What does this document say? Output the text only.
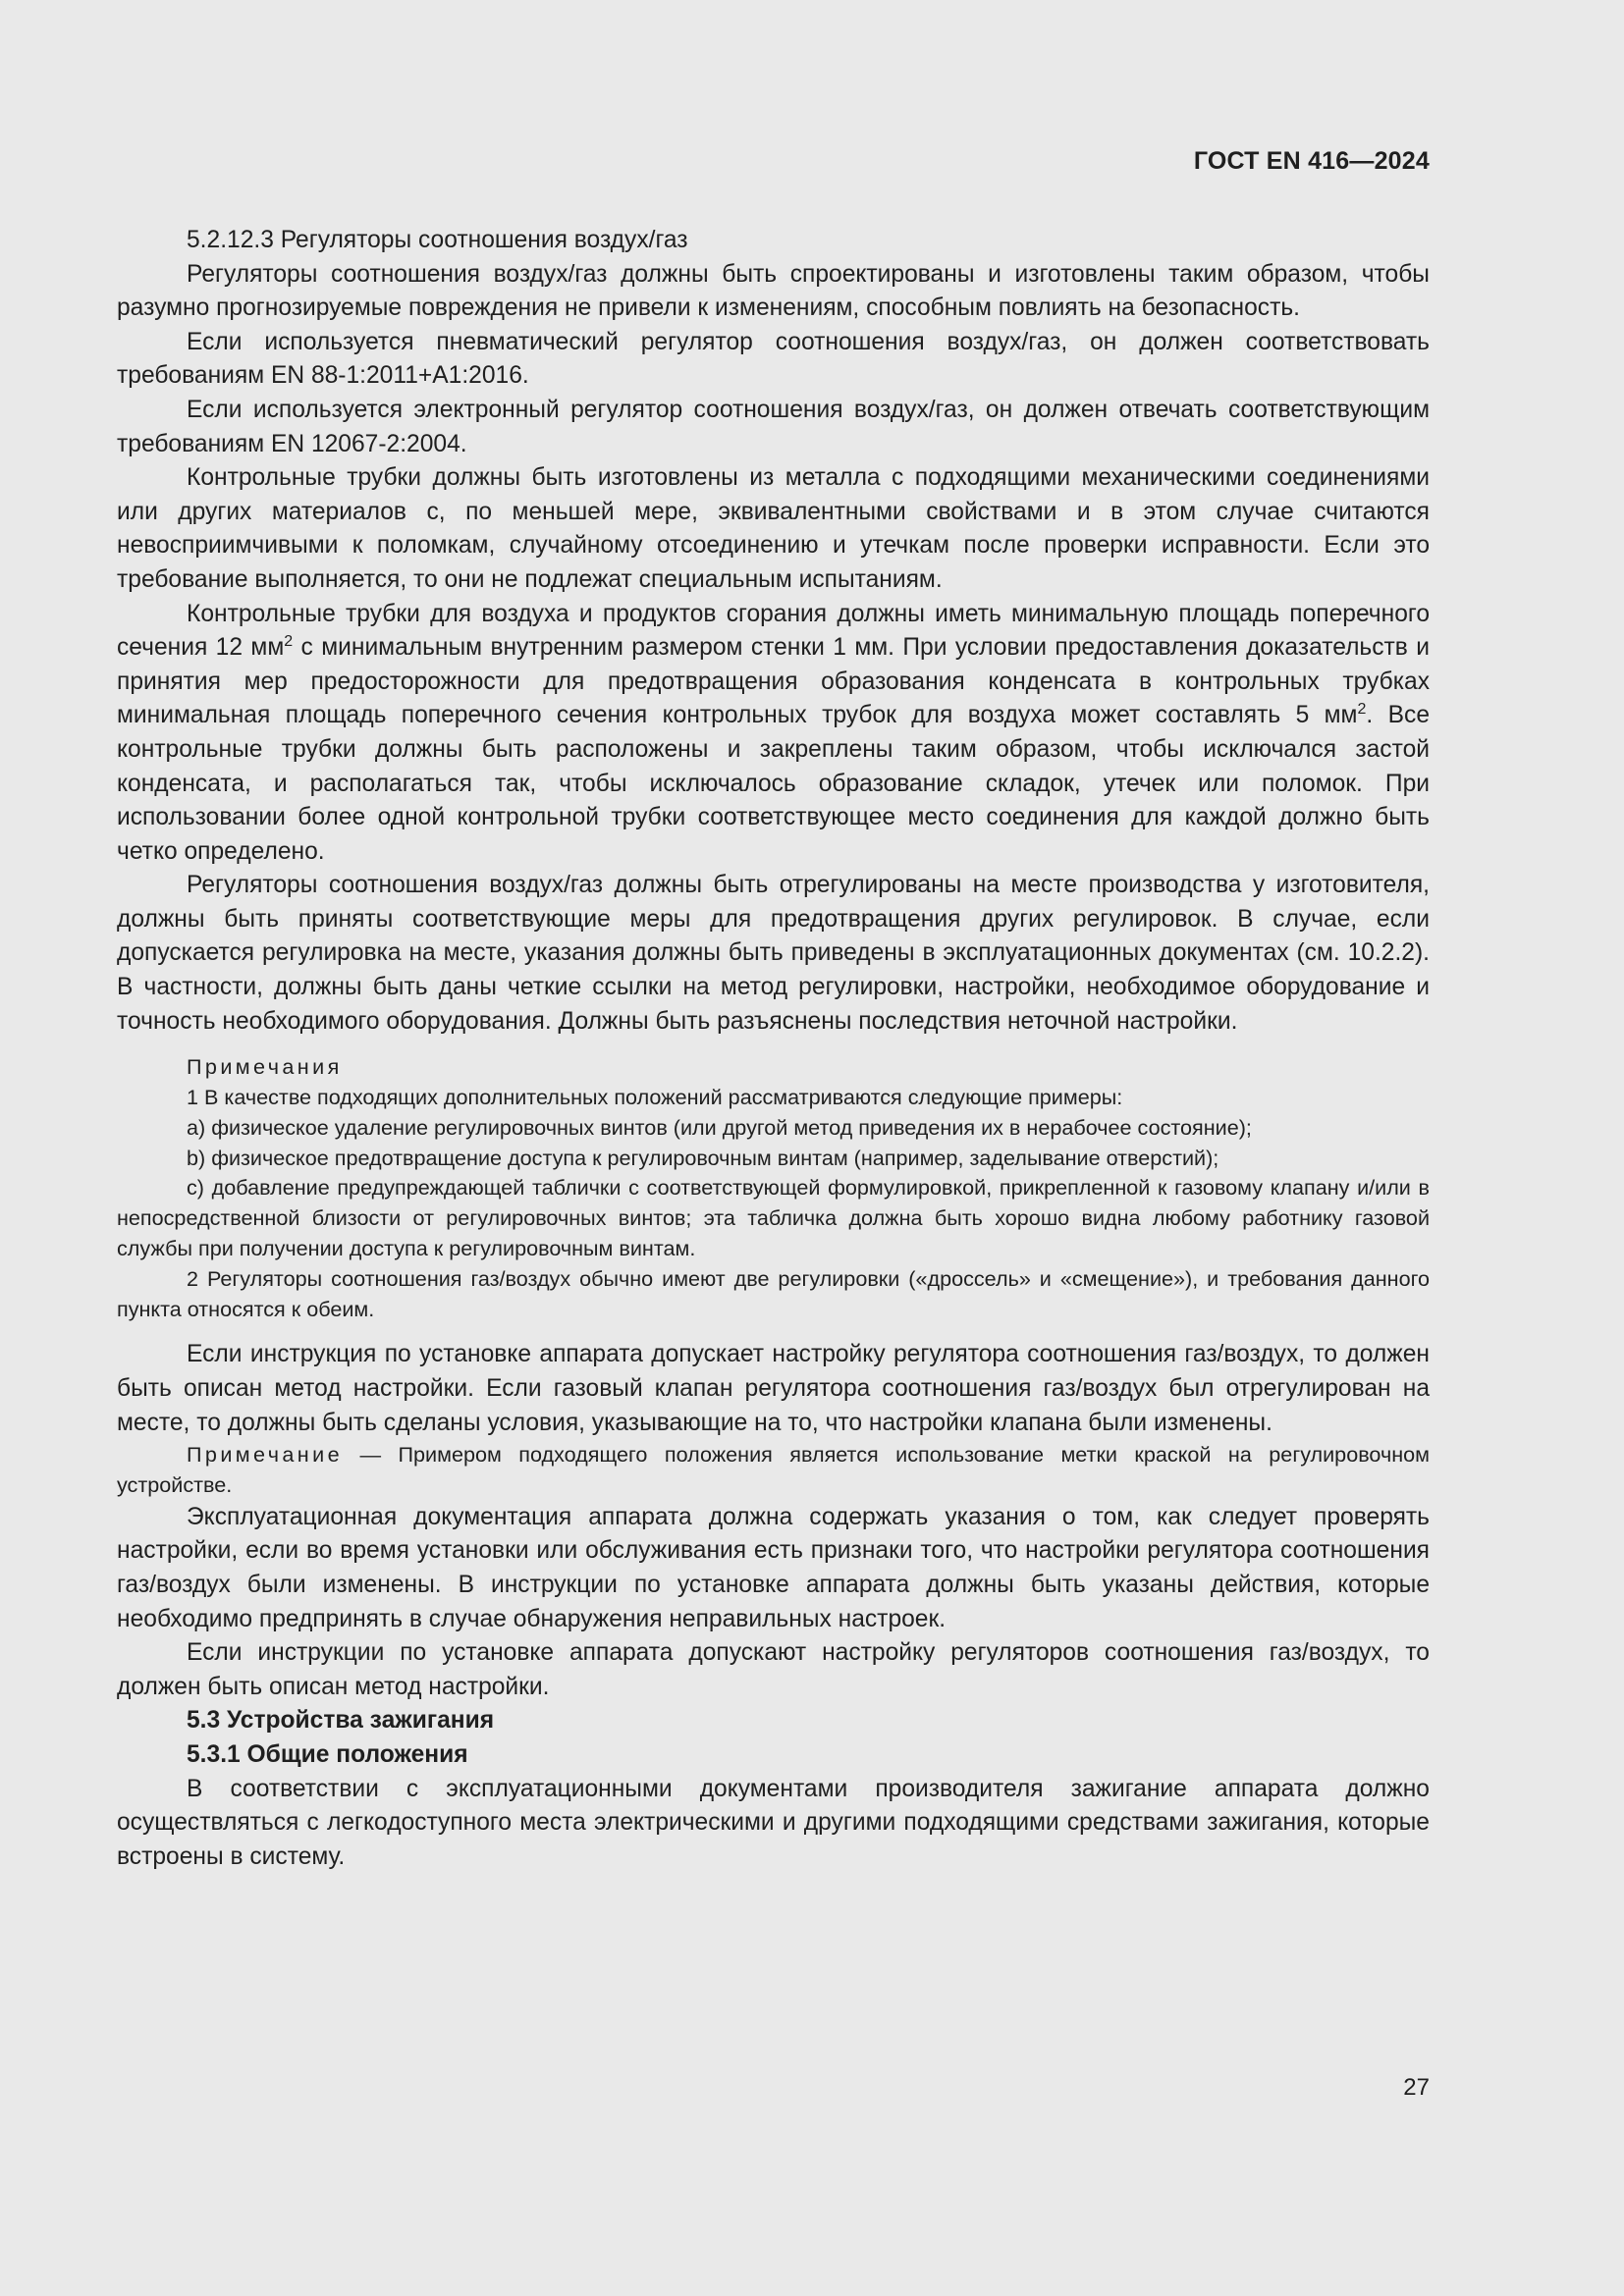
ГОСТ EN 416—2024

5.2.12.3 Регуляторы соотношения воздух/газ

Регуляторы соотношения воздух/газ должны быть спроектированы и изготовлены таким образом, чтобы разумно прогнозируемые повреждения не привели к изменениям, способным повлиять на безопасность.

Если используется пневматический регулятор соотношения воздух/газ, он должен соответствовать требованиям EN 88-1:2011+A1:2016.

Если используется электронный регулятор соотношения воздух/газ, он должен отвечать соответствующим требованиям EN 12067-2:2004.

Контрольные трубки должны быть изготовлены из металла с подходящими механическими соединениями или других материалов с, по меньшей мере, эквивалентными свойствами и в этом случае считаются невосприимчивыми к поломкам, случайному отсоединению и утечкам после проверки исправности. Если это требование выполняется, то они не подлежат специальным испытаниям.

Контрольные трубки для воздуха и продуктов сгорания должны иметь минимальную площадь поперечного сечения 12 $мм^2$ с минимальным внутренним размером стенки 1 мм. При условии предоставления доказательств и принятия мер предосторожности для предотвращения образования конденсата в контрольных трубках минимальная площадь поперечного сечения контрольных трубок для воздуха может составлять 5 $мм^2$. Все контрольные трубки должны быть расположены и закреплены таким образом, чтобы исключался застой конденсата, и располагаться так, чтобы исключалось образование складок, утечек или поломок. При использовании более одной контрольной трубки соответствующее место соединения для каждой должно быть четко определено.

Регуляторы соотношения воздух/газ должны быть отрегулированы на месте производства у изготовителя, должны быть приняты соответствующие меры для предотвращения других регулировок. В случае, если допускается регулировка на месте, указания должны быть приведены в эксплуатационных документах (см. 10.2.2). В частности, должны быть даны четкие ссылки на метод регулировки, настройки, необходимое оборудование и точность необходимого оборудования. Должны быть разъяснены последствия неточной настройки.

Примечания

1 В качестве подходящих дополнительных положений рассматриваются следующие примеры:

a) физическое удаление регулировочных винтов (или другой метод приведения их в нерабочее состояние);

b) физическое предотвращение доступа к регулировочным винтам (например, заделывание отверстий);

c) добавление предупреждающей таблички с соответствующей формулировкой, прикрепленной к газовому клапану и/или в непосредственной близости от регулировочных винтов; эта табличка должна быть хорошо видна любому работнику газовой службы при получении доступа к регулировочным винтам.

2 Регуляторы соотношения газ/воздух обычно имеют две регулировки («дроссель» и «смещение»), и требования данного пункта относятся к обеим.

Если инструкция по установке аппарата допускает настройку регулятора соотношения газ/воздух, то должен быть описан метод настройки. Если газовый клапан регулятора соотношения газ/воздух был отрегулирован на месте, то должны быть сделаны условия, указывающие на то, что настройки клапана были изменены.

Примечание — Примером подходящего положения является использование метки краской на регулировочном устройстве.

Эксплуатационная документация аппарата должна содержать указания о том, как следует проверять настройки, если во время установки или обслуживания есть признаки того, что настройки регулятора соотношения газ/воздух были изменены. В инструкции по установке аппарата должны быть указаны действия, которые необходимо предпринять в случае обнаружения неправильных настроек.

Если инструкции по установке аппарата допускают настройку регуляторов соотношения газ/воздух, то должен быть описан метод настройки.

5.3 Устройства зажигания

5.3.1 Общие положения

В соответствии с эксплуатационными документами производителя зажигание аппарата должно осуществляться с легкодоступного места электрическими и другими подходящими средствами зажигания, которые встроены в систему.

27
